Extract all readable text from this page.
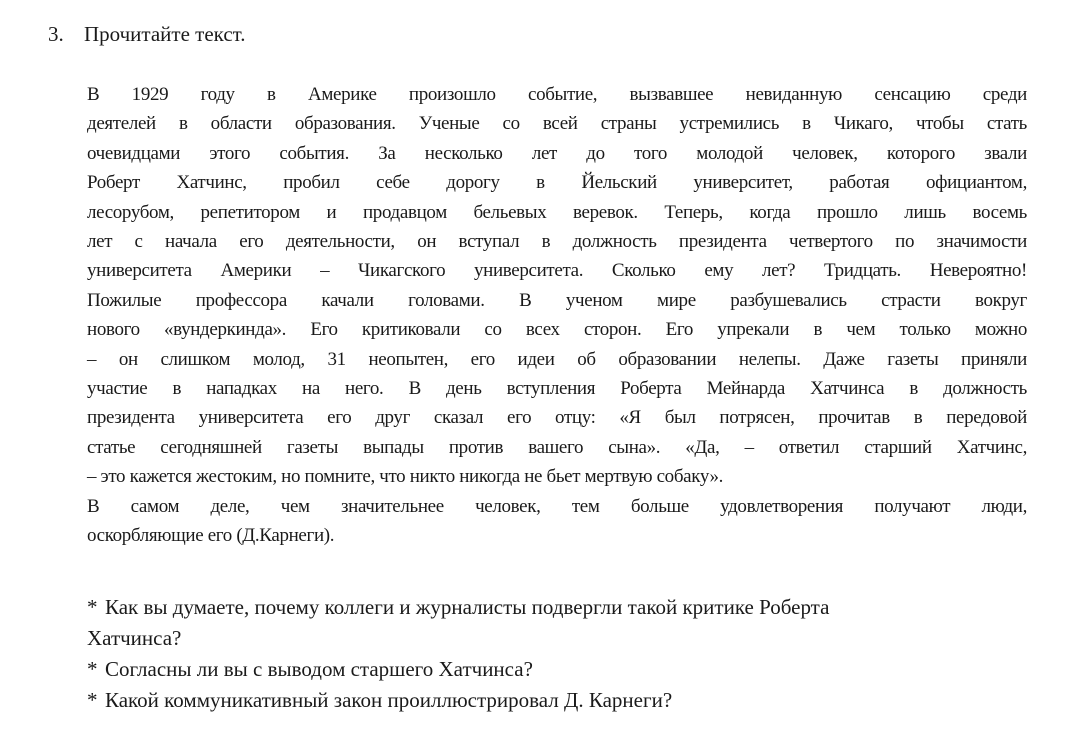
3. Прочитайте текст.
В 1929 году в Америке произошло событие, вызвавшее невиданную сенсацию среди
деятелей в области образования. Ученые со всей страны устремились в Чикаго, чтобы стать
очевидцами этого события. За несколько лет до того молодой человек, которого звали
Роберт Хатчинс, пробил себе дорогу в Йельский университет, работая официантом,
лесорубом, репетитором и продавцом бельевых веревок. Теперь, когда прошло лишь восемь
лет с начала его деятельности, он вступал в должность президента четвертого по значимости
университета Америки – Чикагского университета. Сколько ему лет? Тридцать. Невероятно!
Пожилые профессора качали головами. В ученом мире разбушевались страсти вокруг
нового «вундеркинда». Его критиковали со всех сторон. Его упрекали в чем только можно
– он слишком молод, 31 неопытен, его идеи об образовании нелепы. Даже газеты приняли
участие в нападках на него. В день вступления Роберта Мейнарда Хатчинса в должность
президента университета его друг сказал его отцу: «Я был потрясен, прочитав в передовой
статье сегодняшней газеты выпады против вашего сына». «Да, – ответил старший Хатчинс,
– это кажется жестоким, но помните, что никто никогда не бьет мертвую собаку».
В самом деле, чем значительнее человек, тем больше удовлетворения получают люди,
оскорбляющие его (Д.Карнеги).
* Как вы думаете, почему коллеги и журналисты подвергли такой критике Роберта
Хатчинса?
* Согласны ли вы с выводом старшего Хатчинса?
* Какой коммуникативный закон проиллюстрировал Д. Карнеги?
